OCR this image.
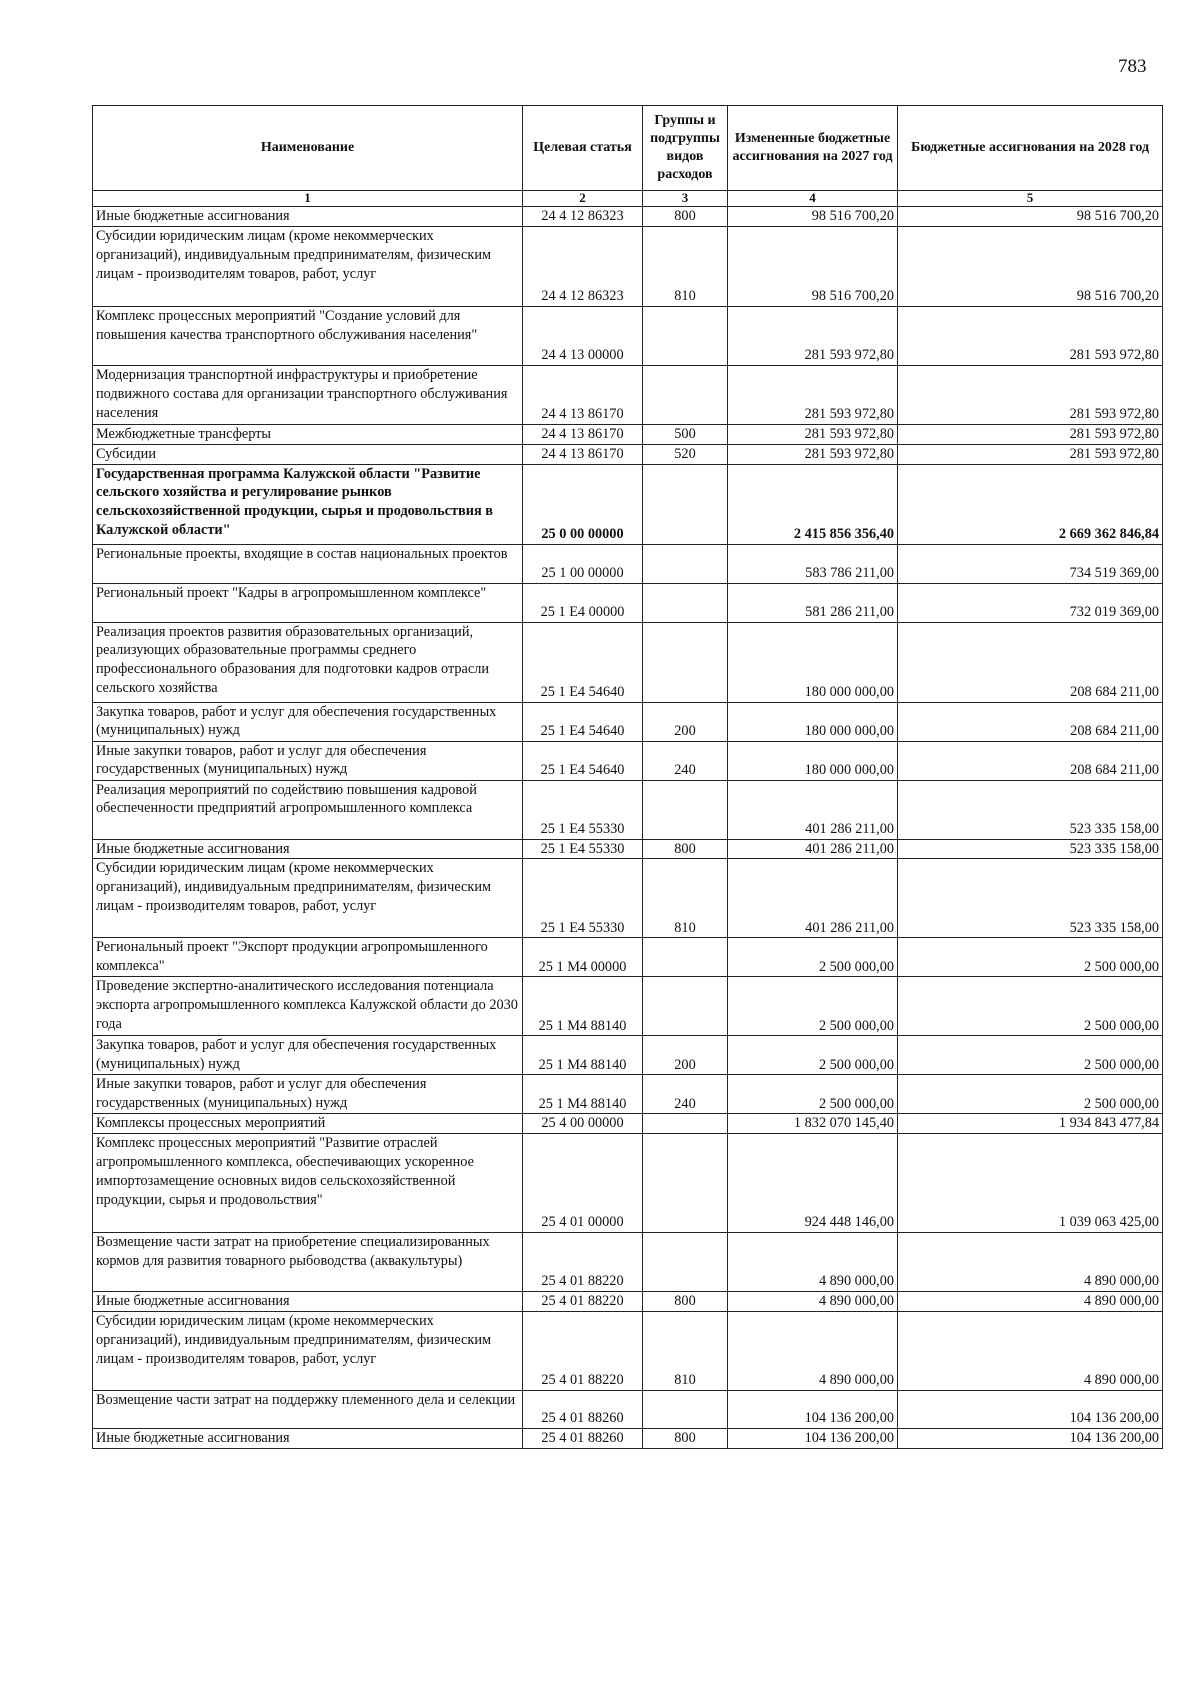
783
Наименование	Целевая статья	Группы и подгруппы видов расходов	Измененные бюджетные ассигнования на 2027 год	Бюджетные ассигнования на 2028 год
1	2	3	4	5
Иные бюджетные ассигнования	24 4 12 86323	800	98 516 700,20	98 516 700,20
Субсидии юридическим лицам (кроме некоммерческих организаций), индивидуальным предпринимателям, физическим лицам - производителям товаров, работ, услуг	24 4 12 86323	810	98 516 700,20	98 516 700,20
Комплекс процессных мероприятий "Создание условий для повышения качества транспортного обслуживания населения"	24 4 13 00000		281 593 972,80	281 593 972,80
Модернизация транспортной инфраструктуры и приобретение подвижного состава для организации транспортного обслуживания населения	24 4 13 86170		281 593 972,80	281 593 972,80
Межбюджетные трансферты	24 4 13 86170	500	281 593 972,80	281 593 972,80
Субсидии	24 4 13 86170	520	281 593 972,80	281 593 972,80
Государственная программа Калужской области "Развитие сельского хозяйства и регулирование рынков сельскохозяйственной продукции, сырья и продовольствия в Калужской области"	25 0 00 00000		2 415 856 356,40	2 669 362 846,84
Региональные проекты, входящие в состав национальных проектов	25 1 00 00000		583 786 211,00	734 519 369,00
Региональный проект "Кадры в агропромышленном комплексе"	25 1 Е4 00000		581 286 211,00	732 019 369,00
Реализация проектов развития образовательных организаций, реализующих образовательные программы среднего профессионального образования для подготовки кадров отрасли сельского хозяйства	25 1 Е4 54640		180 000 000,00	208 684 211,00
Закупка товаров, работ и услуг для обеспечения государственных (муниципальных) нужд	25 1 Е4 54640	200	180 000 000,00	208 684 211,00
Иные закупки товаров, работ и услуг для обеспечения государственных (муниципальных) нужд	25 1 Е4 54640	240	180 000 000,00	208 684 211,00
Реализация мероприятий по содействию повышения кадровой обеспеченности предприятий агропромышленного комплекса	25 1 Е4 55330		401 286 211,00	523 335 158,00
Иные бюджетные ассигнования	25 1 Е4 55330	800	401 286 211,00	523 335 158,00
Субсидии юридическим лицам (кроме некоммерческих организаций), индивидуальным предпринимателям, физическим лицам - производителям товаров, работ, услуг	25 1 Е4 55330	810	401 286 211,00	523 335 158,00
Региональный проект "Экспорт продукции агропромышленного комплекса"	25 1 М4 00000		2 500 000,00	2 500 000,00
Проведение экспертно-аналитического исследования потенциала экспорта агропромышленного комплекса Калужской области до 2030 года	25 1 М4 88140		2 500 000,00	2 500 000,00
Закупка товаров, работ и услуг для обеспечения государственных (муниципальных) нужд	25 1 М4 88140	200	2 500 000,00	2 500 000,00
Иные закупки товаров, работ и услуг для обеспечения государственных (муниципальных) нужд	25 1 М4 88140	240	2 500 000,00	2 500 000,00
Комплексы процессных мероприятий	25 4 00 00000		1 832 070 145,40	1 934 843 477,84
Комплекс процессных мероприятий "Развитие отраслей агропромышленного комплекса, обеспечивающих ускоренное импортозамещение основных видов сельскохозяйственной продукции, сырья и продовольствия"	25 4 01 00000		924 448 146,00	1 039 063 425,00
Возмещение части затрат на приобретение специализированных кормов для развития товарного рыбоводства (аквакультуры)	25 4 01 88220		4 890 000,00	4 890 000,00
Иные бюджетные ассигнования	25 4 01 88220	800	4 890 000,00	4 890 000,00
Субсидии юридическим лицам (кроме некоммерческих организаций), индивидуальным предпринимателям, физическим лицам - производителям товаров, работ, услуг	25 4 01 88220	810	4 890 000,00	4 890 000,00
Возмещение части затрат на поддержку племенного дела и селекции	25 4 01 88260		104 136 200,00	104 136 200,00
Иные бюджетные ассигнования	25 4 01 88260	800	104 136 200,00	104 136 200,00
